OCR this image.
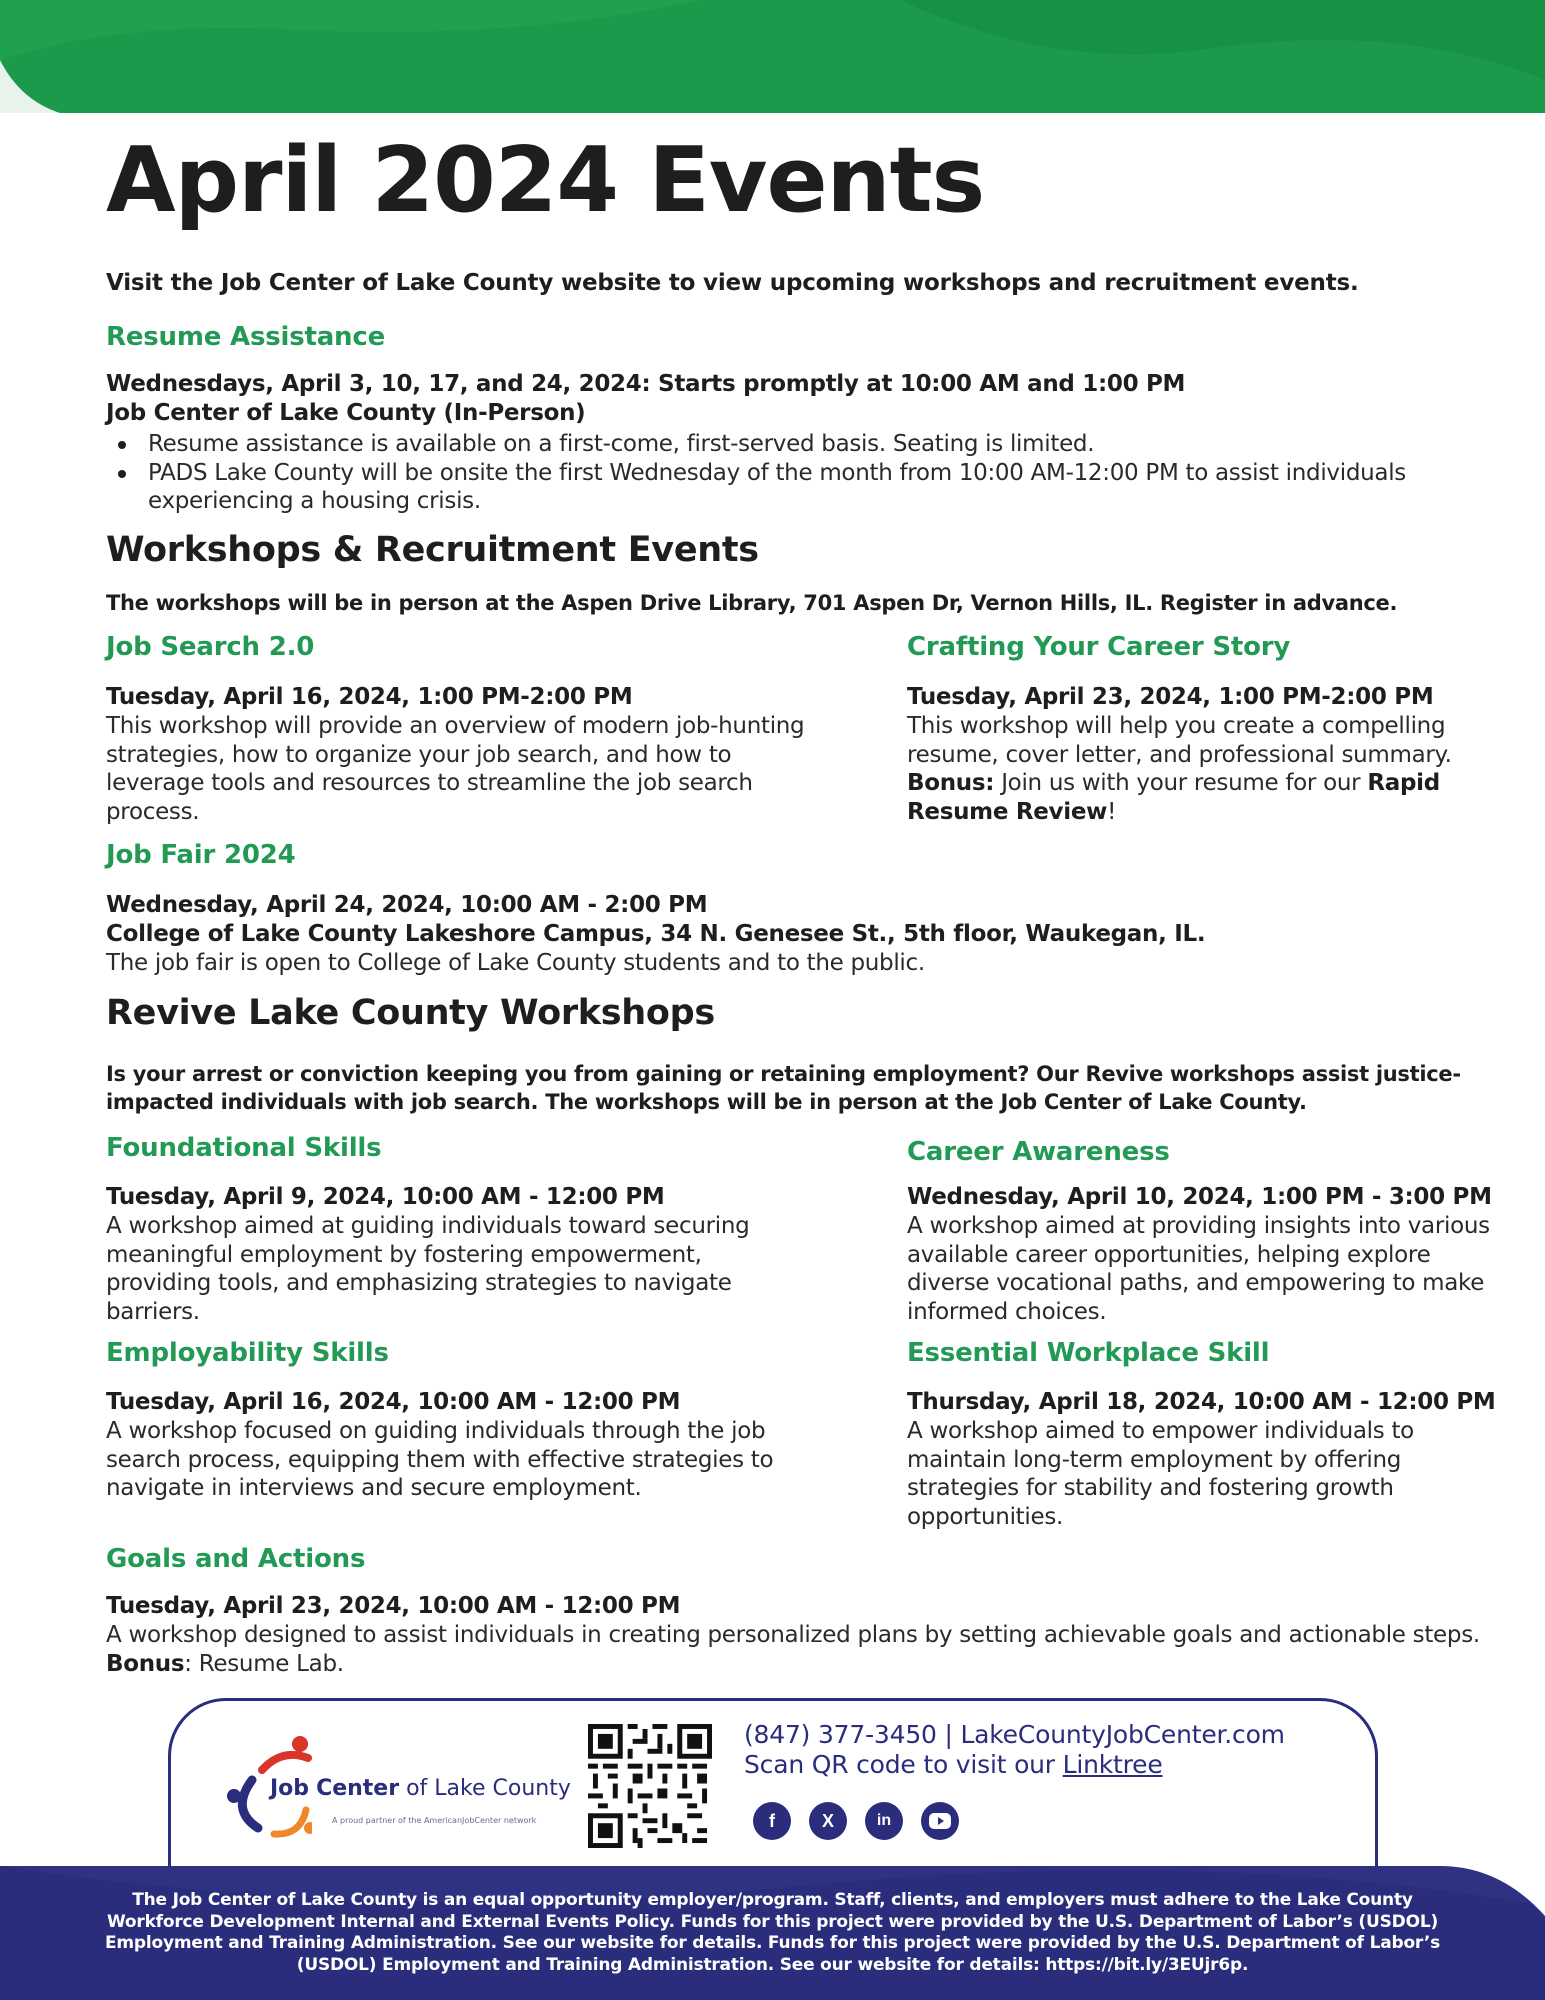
April 2024 Events
Visit the Job Center of Lake County website to view upcoming workshops and recruitment events.
Resume Assistance
Wednesdays, April 3, 10, 17, and 24, 2024: Starts promptly at 10:00 AM and 1:00 PM
Job Center of Lake County (In-Person)
Resume assistance is available on a first-come, first-served basis. Seating is limited.
PADS Lake County will be onsite the first Wednesday of the month from 10:00 AM-12:00 PM to assist individuals experiencing a housing crisis.
Workshops & Recruitment Events
The workshops will be in person at the Aspen Drive Library, 701 Aspen Dr, Vernon Hills, IL. Register in advance.
Job Search 2.0
Tuesday, April 16, 2024, 1:00 PM-2:00 PM
This workshop will provide an overview of modern job-hunting strategies, how to organize your job search, and how to leverage tools and resources to streamline the job search process.
Crafting Your Career Story
Tuesday, April 23, 2024, 1:00 PM-2:00 PM
This workshop will help you create a compelling resume, cover letter, and professional summary. Bonus: Join us with your resume for our Rapid Resume Review!
Job Fair 2024
Wednesday, April 24, 2024, 10:00 AM - 2:00 PM
College of Lake County Lakeshore Campus, 34 N. Genesee St., 5th floor, Waukegan, IL.
The job fair is open to College of Lake County students and to the public.
Revive Lake County Workshops
Is your arrest or conviction keeping you from gaining or retaining employment? Our Revive workshops assist justice-impacted individuals with job search. The workshops will be in person at the Job Center of Lake County.
Foundational Skills
Tuesday, April 9, 2024, 10:00 AM - 12:00 PM
A workshop aimed at guiding individuals toward securing meaningful employment by fostering empowerment, providing tools, and emphasizing strategies to navigate barriers.
Career Awareness
Wednesday, April 10, 2024, 1:00 PM - 3:00 PM
A workshop aimed at providing insights into various available career opportunities, helping explore diverse vocational paths, and empowering to make informed choices.
Employability Skills
Tuesday, April 16, 2024, 10:00 AM - 12:00 PM
A workshop focused on guiding individuals through the job search process, equipping them with effective strategies to navigate in interviews and secure employment.
Essential Workplace Skill
Thursday, April 18, 2024, 10:00 AM - 12:00 PM
A workshop aimed to empower individuals to maintain long-term employment by offering strategies for stability and fostering growth opportunities.
Goals and Actions
Tuesday, April 23, 2024, 10:00 AM - 12:00 PM
A workshop designed to assist individuals in creating personalized plans by setting achievable goals and actionable steps. Bonus: Resume Lab.
Job Center of Lake County
A proud partner of the AmericanJobCenter network
(847) 377-3450 | LakeCountyJobCenter.com
Scan QR code to visit our Linktree
f	X	in
The Job Center of Lake County is an equal opportunity employer/program. Staff, clients, and employers must adhere to the Lake County Workforce Development Internal and External Events Policy. Funds for this project were provided by the U.S. Department of Labor’s (USDOL) Employment and Training Administration. See our website for details. Funds for this project were provided by the U.S. Department of Labor’s (USDOL) Employment and Training Administration. See our website for details: https://bit.ly/3EUjr6p.
